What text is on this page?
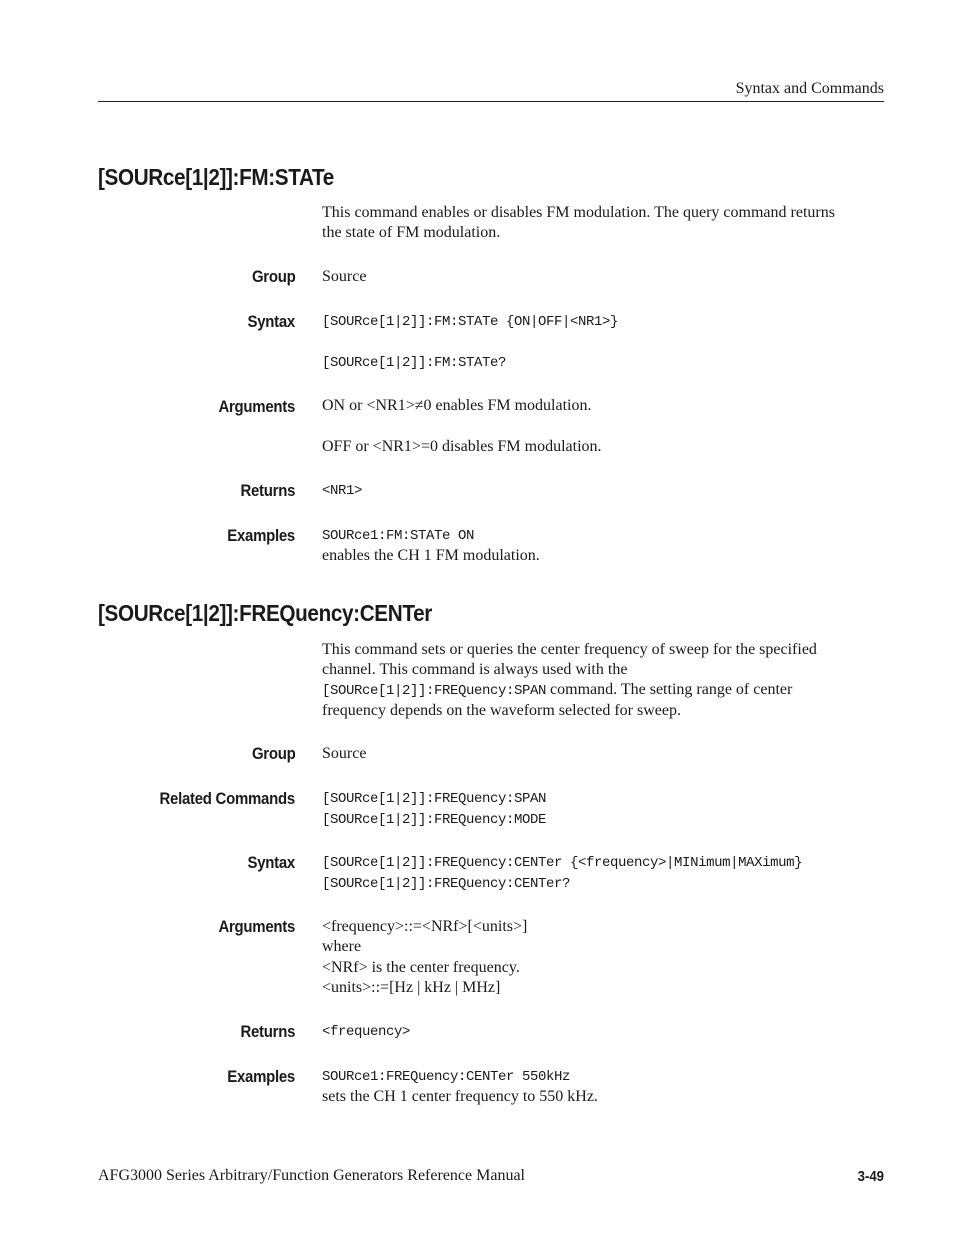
Syntax and Commands
[SOURce[1|2]]:FM:STATe
This command enables or disables FM modulation. The query command returns
the state of FM modulation.
Group Source
Syntax [SOURce[1|2]]:FM:STATe {ON|OFF|<NR1>}
[SOURce[1|2]]:FM:STATe?
Arguments ON or <NR1>≠0 enables FM modulation.
OFF or <NR1>=0 disables FM modulation.
Returns <NR1>
Examples SOURce1:FM:STATe ON
enables the CH 1 FM modulation.
[SOURce[1|2]]:FREQuency:CENTer
This command sets or queries the center frequency of sweep for the specified
channel. This command is always used with the
[SOURce[1|2]]:FREQuency:SPAN command. The setting range of center
frequency depends on the waveform selected for sweep.
Group Source
Related Commands [SOURce[1|2]]:FREQuency:SPAN
[SOURce[1|2]]:FREQuency:MODE
Syntax [SOURce[1|2]]:FREQuency:CENTer {<frequency>|MINimum|MAXimum}
[SOURce[1|2]]:FREQuency:CENTer?
Arguments <frequency>::=<NRf>[<units>]
where
<NRf> is the center frequency.
<units>::=[Hz | kHz | MHz]
Returns <frequency>
Examples SOURce1:FREQuency:CENTer 550kHz
sets the CH 1 center frequency to 550 kHz.
AFG3000 Series Arbitrary/Function Generators Reference Manual	3-49
